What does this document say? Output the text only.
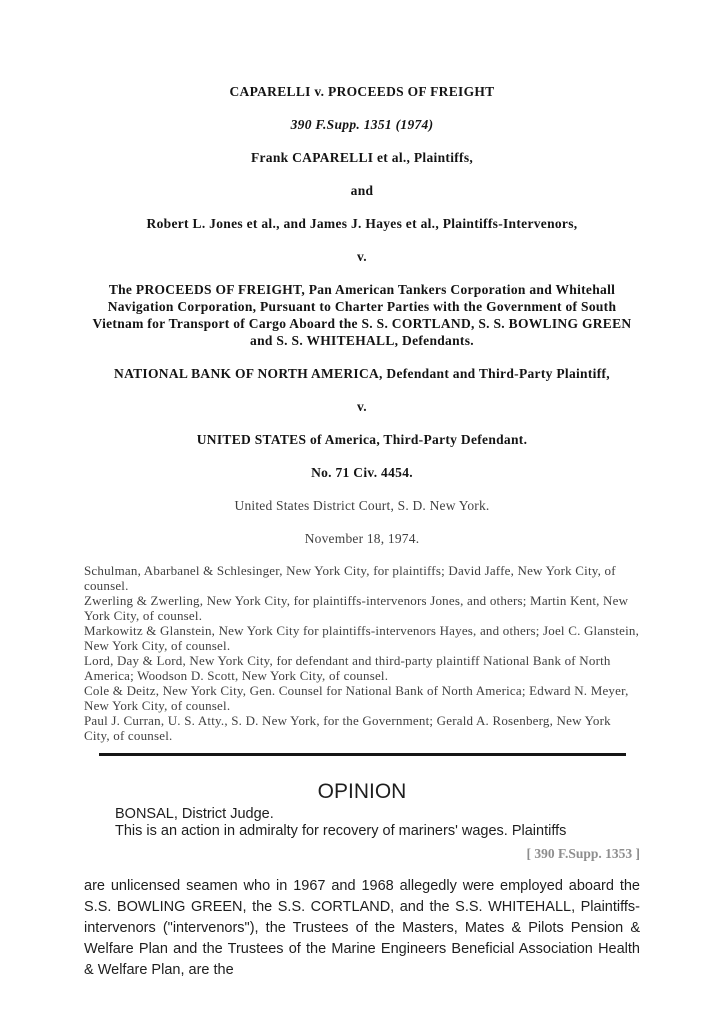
CAPARELLI v. PROCEEDS OF FREIGHT

390 F.Supp. 1351 (1974)

Frank CAPARELLI et al., Plaintiffs,

and

Robert L. Jones et al., and James J. Hayes et al., Plaintiffs-Intervenors,

v.

The PROCEEDS OF FREIGHT, Pan American Tankers Corporation and Whitehall Navigation Corporation, Pursuant to Charter Parties with the Government of South Vietnam for Transport of Cargo Aboard the S. S. CORTLAND, S. S. BOWLING GREEN and S. S. WHITEHALL, Defendants.

NATIONAL BANK OF NORTH AMERICA, Defendant and Third-Party Plaintiff,

v.

UNITED STATES of America, Third-Party Defendant.

No. 71 Civ. 4454.

United States District Court, S. D. New York.

November 18, 1974.

Schulman, Abarbanel & Schlesinger, New York City, for plaintiffs; David Jaffe, New York City, of counsel.

Zwerling & Zwerling, New York City, for plaintiffs-intervenors Jones, and others; Martin Kent, New York City, of counsel.

Markowitz & Glanstein, New York City for plaintiffs-intervenors Hayes, and others; Joel C. Glanstein, New York City, of counsel.

Lord, Day & Lord, New York City, for defendant and third-party plaintiff National Bank of North America; Woodson D. Scott, New York City, of counsel.

Cole & Deitz, New York City, Gen. Counsel for National Bank of North America; Edward N. Meyer, New York City, of counsel.

Paul J. Curran, U. S. Atty., S. D. New York, for the Government; Gerald A. Rosenberg, New York City, of counsel.

OPINION

BONSAL, District Judge.

This is an action in admiralty for recovery of mariners' wages. Plaintiffs

[ 390 F.Supp. 1353 ]

are unlicensed seamen who in 1967 and 1968 allegedly were employed aboard the S.S. BOWLING GREEN, the S.S. CORTLAND, and the S.S. WHITEHALL, Plaintiffs-intervenors ("intervenors"), the Trustees of the Masters, Mates & Pilots Pension & Welfare Plan and the Trustees of the Marine Engineers Beneficial Association Health & Welfare Plan, are the
